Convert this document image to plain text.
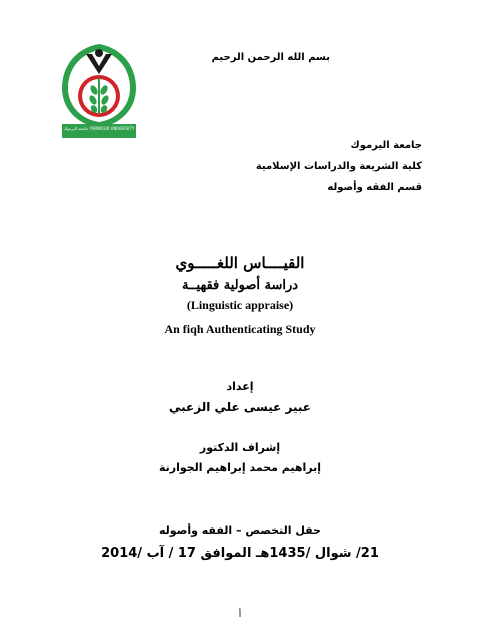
بسم الله الرحمن الرحيم
جامعة اليرموك YARMOUK UNIVERSITY
جامعة اليرموك
كلية الشريعة والدراسات الإسلامية
قسم الفقه وأصوله
القيــــاس اللغـــــوي
دراسة أصولية فقهيــة
(Linguistic appraise)
An fiqh Authenticating Study
إعداد
عبير عيسى علي الزعبي
إشراف الدكتور
إبراهيم محمد إبراهيم الجوارنة
حقل التخصص – الفقه وأصوله
21/ شوال /1435هـ الموافق 17 / آب /2014
أ
